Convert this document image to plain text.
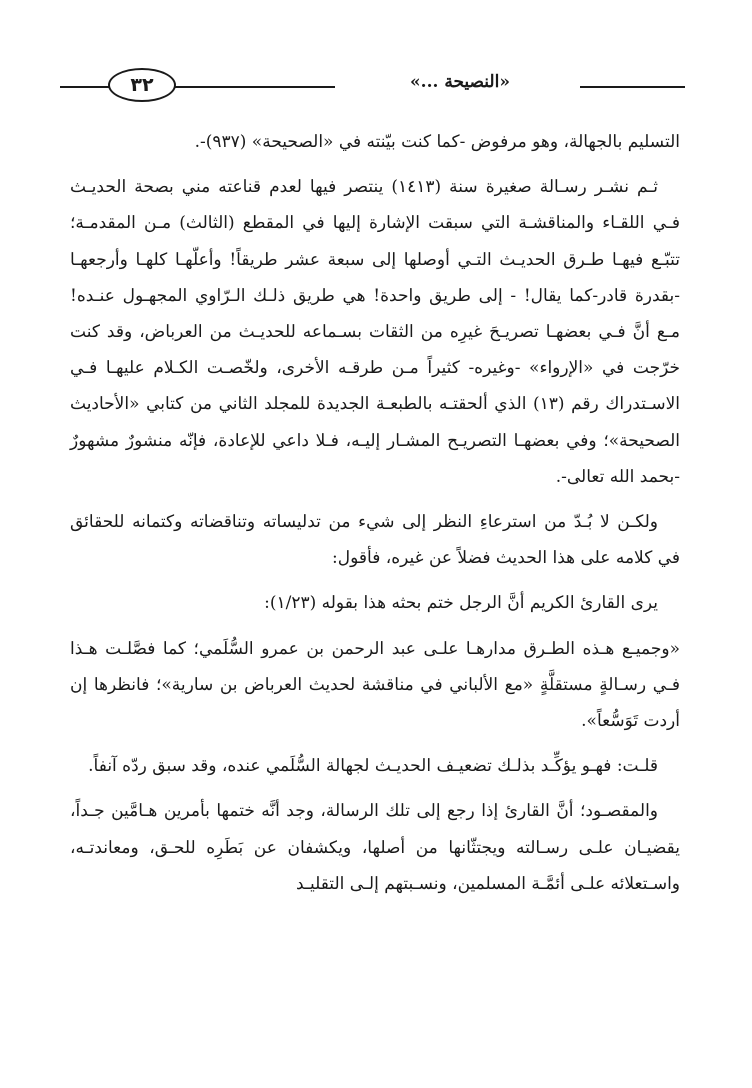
٣٢	«النصيحة ...»

التسليم بالجهالة، وهو مرفوض -كما كنت بيّنته في «الصحيحة» (٩٣٧)-.

ثـم نشـر رسـالة صغيرة سنة (١٤١٣) ينتصر فيها لعدم قناعته مني بصحة الحديـث فـي اللقـاء والمناقشـة التي سبقت الإشارة إليها في المقطع (الثالث) مـن المقدمـة؛ تتبّـع فيهـا طـرق الحديـث التـي أوصلها إلى سبعة عشر طريقاً! وأعلّهـا كلهـا وأرجعهـا -بقدرة قادر-كما يقال! - إلى طريق واحدة! هي طريق ذلـك الـرّاوي المجهـول عنـده! مـع أنَّ فـي بعضهـا تصريـحَ غيرِه من الثقات بسـماعه للحديـث من العرباض، وقد كنت خرّجت في «الإرواء» -وغيره- كثيراً مـن طرقـه الأخرى، ولخّصـت الكـلام عليهـا فـي الاسـتدراك رقم (١٣) الذي ألحقتـه بالطبعـة الجديدة للمجلد الثاني من كتابي «الأحاديث الصحيحة»؛ وفي بعضهـا التصريـح المشـار إليـه، فـلا داعي للإعادة، فإنّه منشورٌ مشهورٌ -بحمد الله تعالى-.

ولكـن لا بُـدّ من استرعاءِ النظر إلى شيء من تدليساته وتناقضاته وكتمانه للحقائق في كلامه على هذا الحديث فضلاً عن غيره، فأقول:

يرى القارئ الكريم أنَّ الرجل ختم بحثه هذا بقوله (١/٢٣):

«وجميـع هـذه الطـرق مدارهـا علـى عبد الرحمن بن عمرو السُّلَمي؛ كما فصَّلـت هـذا فـي رسـالةٍ مستقلَّةٍ «مع الألباني في مناقشة لحديث العرباض بن سارية»؛ فانظرها إن أردت تَوَسُّعاً».

قلـت: فهـو يؤكِّـد بذلـك تضعيـف الحديـث لجهالة السُّلَمي عنده، وقد سبق ردّه آنفاً.

والمقصـود؛ أنَّ القارئ إذا رجع إلى تلك الرسالة، وجد أنَّه ختمها بأمرين هـامَّين جـداً، يقضيـان علـى رسـالته ويجتثّانها من أصلها، ويكشفان عن بَطَرِه للحـق، ومعاندتـه، واسـتعلائه علـى أئمَّـة المسلمين، ونسـبتهم إلـى التقليـد
